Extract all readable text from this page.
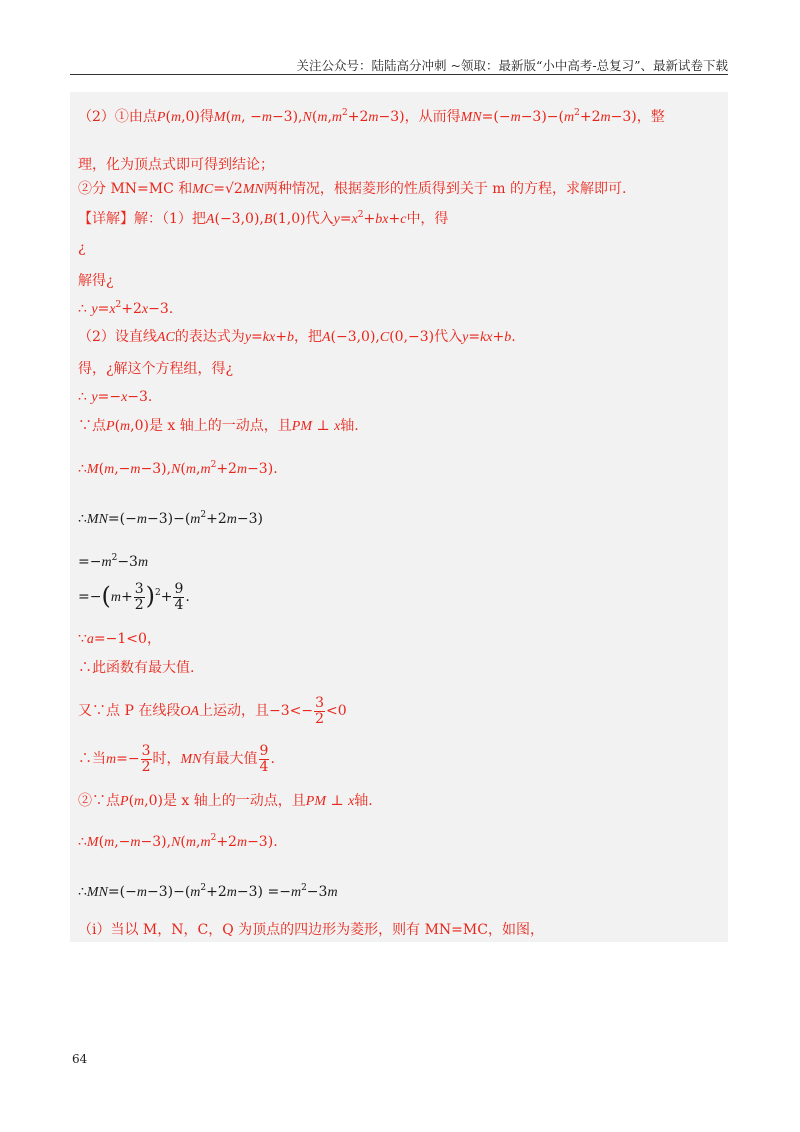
关注公众号：陆陆高分冲刺 ~领取：最新版“小中高考-总复习”、最新试卷下载
（2）①由点P(m,0)得M(m, $-m-3),N(m,m^2+2m-3)$，从而得$MN=(-m-3)-(m^2+2m-3)$，整
理，化为顶点式即可得到结论；
②分 MN=MC 和MC=√2MN两种情况，根据菱形的性质得到关于 m 的方程，求解即可.
【详解】解：（1）把A(−3,0),B(1,0)代入$y=x^2+bx+c$中，得
¿
解得¿
∴ $y=x^2+2x-3$.
（2）设直线AC的表达式为y=kx+b，把A(−3,0),C(0,−3)代入y=kx+b.
得，¿解这个方程组，得¿
∴ y=−x−3.
∵点P(m,0)是 x 轴上的一动点，且PM ⊥ x轴.
$\therefore M(m,-m-3),N(m,m^2+2m-3)$.
$\therefore MN=(-m-3)-(m^2+2m-3)$
$=-m^2-3m$
$=-(m+ \frac{3}{2} )^2+ \frac{9}{4}$ .
∵a=−1<0，
∴此函数有最大值.
又∵点 P 在线段OA上运动，且$-3<- \frac{3}{2} <0$
∴当$m=- \frac{3}{2}$ 时，MN有最大值 $\frac{9}{4}$ .
②∵点P(m,0)是 x 轴上的一动点，且PM ⊥ x轴.
$\therefore M(m,-m-3),N(m,m^2+2m-3)$.
$\therefore MN=(-m-3)-(m^2+2m-3) =-m^2-3m$
（i）当以 M，N，C，Q 为顶点的四边形为菱形，则有 MN=MC，如图，
64
